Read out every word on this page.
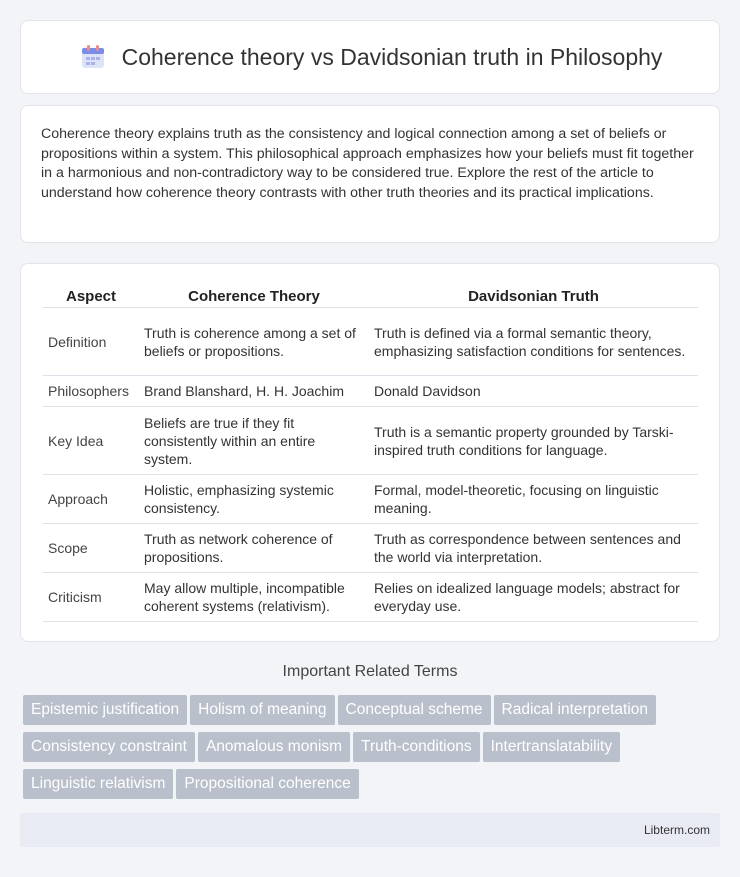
Coherence theory vs Davidsonian truth in Philosophy

Coherence theory explains truth as the consistency and logical connection among a set of beliefs or propositions within a system. This philosophical approach emphasizes how your beliefs must fit together in a harmonious and non-contradictory way to be considered true. Explore the rest of the article to understand how coherence theory contrasts with other truth theories and its practical implications.

Aspect	Coherence Theory	Davidsonian Truth
Definition	Truth is coherence among a set of beliefs or propositions.	Truth is defined via a formal semantic theory, emphasizing satisfaction conditions for sentences.
Philosophers	Brand Blanshard, H. H. Joachim	Donald Davidson
Key Idea	Beliefs are true if they fit consistently within an entire system.	Truth is a semantic property grounded by Tarski-inspired truth conditions for language.
Approach	Holistic, emphasizing systemic consistency.	Formal, model-theoretic, focusing on linguistic meaning.
Scope	Truth as network coherence of propositions.	Truth as correspondence between sentences and the world via interpretation.
Criticism	May allow multiple, incompatible coherent systems (relativism).	Relies on idealized language models; abstract for everyday use.
Important Related Terms
Epistemic justification Holism of meaning Conceptual scheme Radical interpretation
Consistency constraint Anomalous monism Truth-conditions Intertranslatability
Linguistic relativism Propositional coherence
Libterm.com
